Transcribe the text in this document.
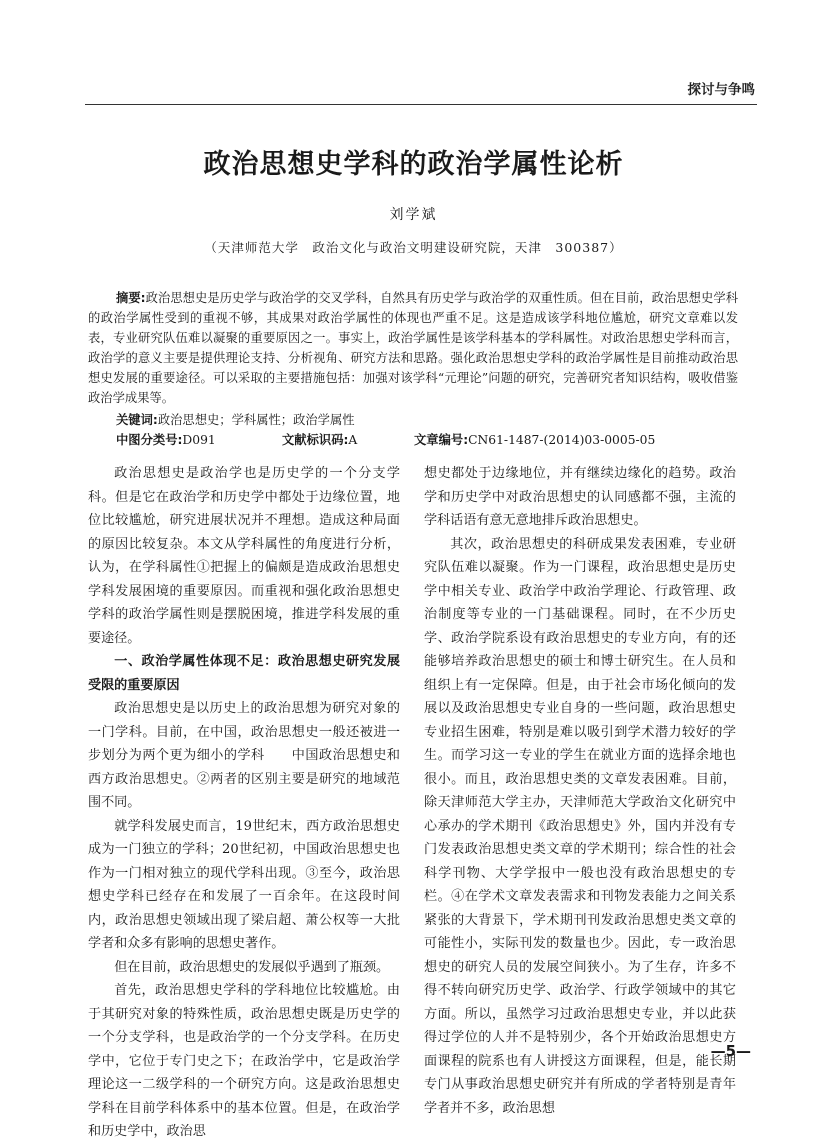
探讨与争鸣
政治思想史学科的政治学属性论析
刘学斌
（天津师范大学　政治文化与政治文明建设研究院，天津　300387）
摘要:政治思想史是历史学与政治学的交叉学科，自然具有历史学与政治学的双重性质。但在目前，政治思想史学科的政治学属性受到的重视不够，其成果对政治学属性的体现也严重不足。这是造成该学科地位尴尬，研究文章难以发表，专业研究队伍难以凝聚的重要原因之一。事实上，政治学属性是该学科基本的学科属性。对政治思想史学科而言，政治学的意义主要是提供理论支持、分析视角、研究方法和思路。强化政治思想史学科的政治学属性是目前推动政治思想史发展的重要途径。可以采取的主要措施包括：加强对该学科“元理论”问题的研究，完善研究者知识结构，吸收借鉴政治学成果等。
关键词:政治思想史；学科属性；政治学属性
中图分类号:D091	文献标识码:A	文章编号:CN61-1487-(2014)03-0005-05

政治思想史是政治学也是历史学的一个分支学科。但是它在政治学和历史学中都处于边缘位置，地位比较尴尬，研究进展状况并不理想。造成这种局面的原因比较复杂。本文从学科属性的角度进行分析，认为，在学科属性①把握上的偏颇是造成政治思想史学科发展困境的重要原因。而重视和强化政治思想史学科的政治学属性则是摆脱困境，推进学科发展的重要途径。

一、政治学属性体现不足：政治思想史研究发展受限的重要原因

政治思想史是以历史上的政治思想为研究对象的一门学科。目前，在中国，政治思想史一般还被进一步划分为两个更为细小的学科　　中国政治思想史和西方政治思想史。②两者的区别主要是研究的地域范围不同。

就学科发展史而言，19世纪末，西方政治思想史成为一门独立的学科；20世纪初，中国政治思想史也作为一门相对独立的现代学科出现。③至今，政治思想史学科已经存在和发展了一百余年。在这段时间内，政治思想史领域出现了梁启超、萧公权等一大批学者和众多有影响的思想史著作。

但在目前，政治思想史的发展似乎遇到了瓶颈。

首先，政治思想史学科的学科地位比较尴尬。由于其研究对象的特殊性质，政治思想史既是历史学的一个分支学科，也是政治学的一个分支学科。在历史学中，它位于专门史之下；在政治学中，它是政治学理论这一二级学科的一个研究方向。这是政治思想史学科在目前学科体系中的基本位置。但是，在政治学和历史学中，政治思

想史都处于边缘地位，并有继续边缘化的趋势。政治学和历史学中对政治思想史的认同感都不强，主流的学科话语有意无意地排斥政治思想史。

其次，政治思想史的科研成果发表困难，专业研究队伍难以凝聚。作为一门课程，政治思想史是历史学中相关专业、政治学中政治学理论、行政管理、政治制度等专业的一门基础课程。同时，在不少历史学、政治学院系设有政治思想史的专业方向，有的还能够培养政治思想史的硕士和博士研究生。在人员和组织上有一定保障。但是，由于社会市场化倾向的发展以及政治思想史专业自身的一些问题，政治思想史专业招生困难，特别是难以吸引到学术潜力较好的学生。而学习这一专业的学生在就业方面的选择余地也很小。而且，政治思想史类的文章发表困难。目前，除天津师范大学主办，天津师范大学政治文化研究中心承办的学术期刊《政治思想史》外，国内并没有专门发表政治思想史类文章的学术期刊；综合性的社会科学刊物、大学学报中一般也没有政治思想史的专栏。④在学术文章发表需求和刊物发表能力之间关系紧张的大背景下，学术期刊刊发政治思想史类文章的可能性小，实际刊发的数量也少。因此，专一政治思想史的研究人员的发展空间狭小。为了生存，许多不得不转向研究历史学、政治学、行政学领域中的其它方面。所以，虽然学习过政治思想史专业，并以此获得过学位的人并不是特别少，各个开始政治思想史方面课程的院系也有人讲授这方面课程，但是，能长期专门从事政治思想史研究并有所成的学者特别是青年学者并不多，政治思想

—5—
